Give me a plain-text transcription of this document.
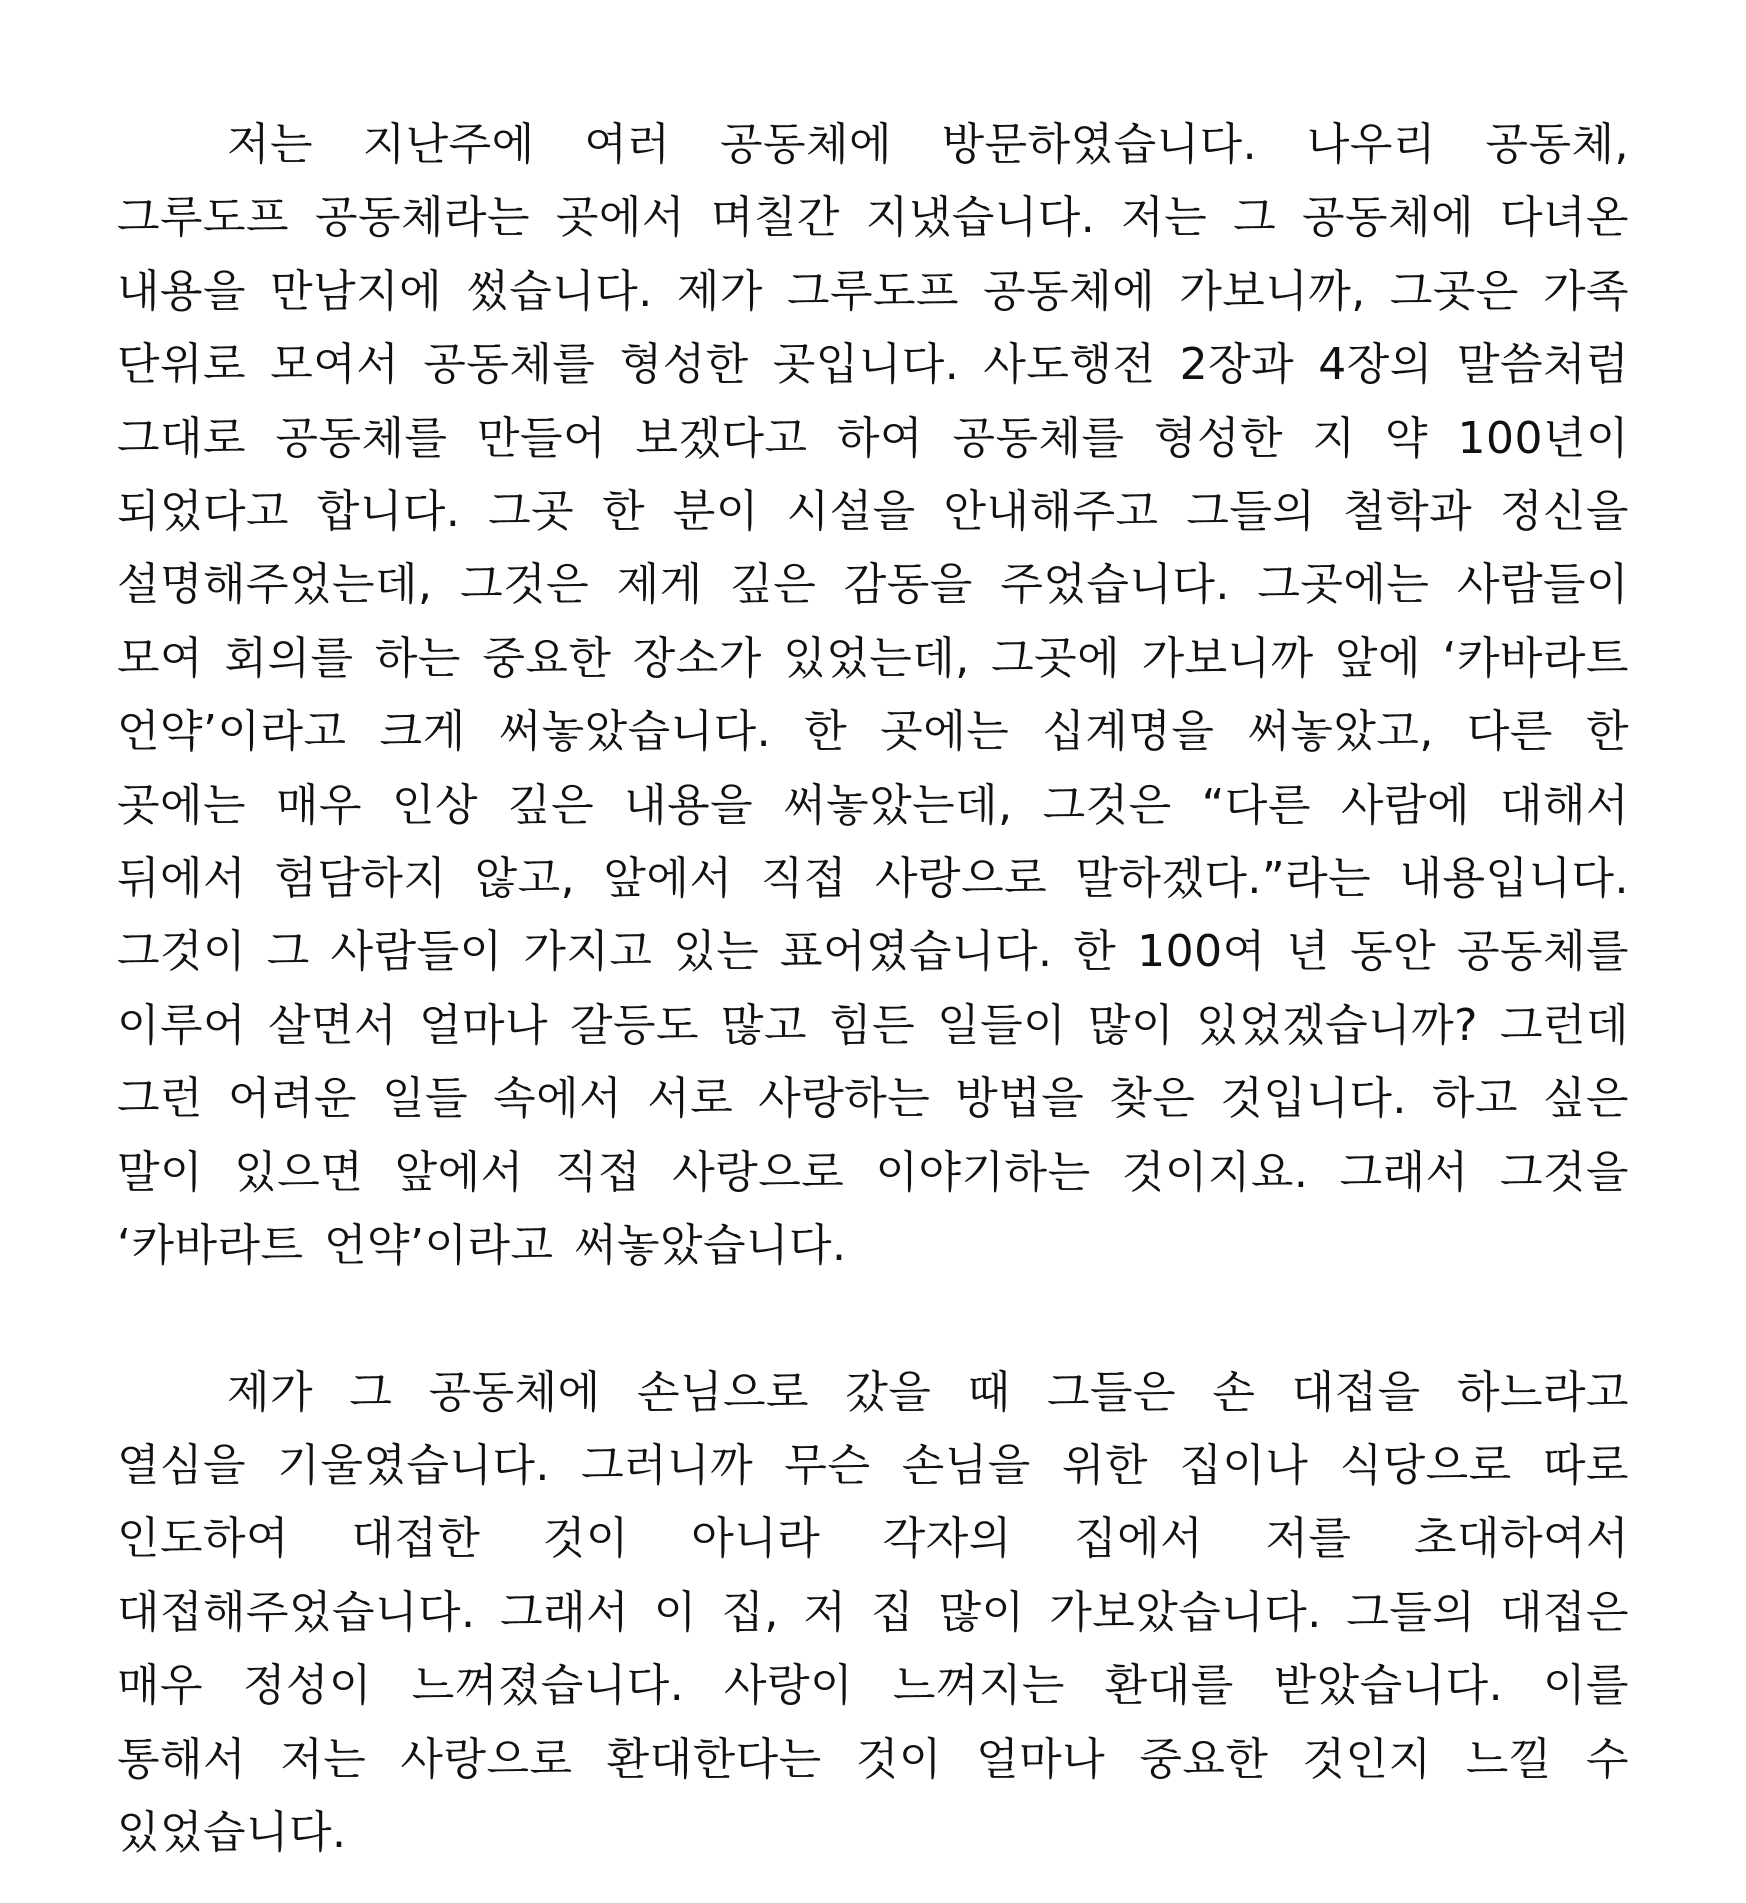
저는 지난주에 여러 공동체에 방문하였습니다. 나우리 공동체, 그루도프 공동체라는 곳에서 며칠간 지냈습니다. 저는 그 공동체에 다녀온 내용을 만남지에 썼습니다. 제가 그루도프 공동체에 가보니까, 그곳은 가족 단위로 모여서 공동체를 형성한 곳입니다. 사도행전 2장과 4장의 말씀처럼 그대로 공동체를 만들어 보겠다고 하여 공동체를 형성한 지 약 100년이 되었다고 합니다. 그곳 한 분이 시설을 안내해주고 그들의 철학과 정신을 설명해주었는데, 그것은 제게 깊은 감동을 주었습니다. 그곳에는 사람들이 모여 회의를 하는 중요한 장소가 있었는데, 그곳에 가보니까 앞에 ‘카바라트 언약’이라고 크게 써놓았습니다. 한 곳에는 십계명을 써놓았고, 다른 한 곳에는 매우 인상 깊은 내용을 써놓았는데, 그것은 “다른 사람에 대해서 뒤에서 험담하지 않고, 앞에서 직접 사랑으로 말하겠다.”라는 내용입니다. 그것이 그 사람들이 가지고 있는 표어였습니다. 한 100여 년 동안 공동체를 이루어 살면서 얼마나 갈등도 많고 힘든 일들이 많이 있었겠습니까? 그런데 그런 어려운 일들 속에서 서로 사랑하는 방법을 찾은 것입니다. 하고 싶은 말이 있으면 앞에서 직접 사랑으로 이야기하는 것이지요. 그래서 그것을 ‘카바라트 언약’이라고 써놓았습니다.

제가 그 공동체에 손님으로 갔을 때 그들은 손 대접을 하느라고 열심을 기울였습니다. 그러니까 무슨 손님을 위한 집이나 식당으로 따로 인도하여 대접한 것이 아니라 각자의 집에서 저를 초대하여서 대접해주었습니다. 그래서 이 집, 저 집 많이 가보았습니다. 그들의 대접은 매우 정성이 느껴졌습니다. 사랑이 느껴지는 환대를 받았습니다. 이를 통해서 저는 사랑으로 환대한다는 것이 얼마나 중요한 것인지 느낄 수 있었습니다.
